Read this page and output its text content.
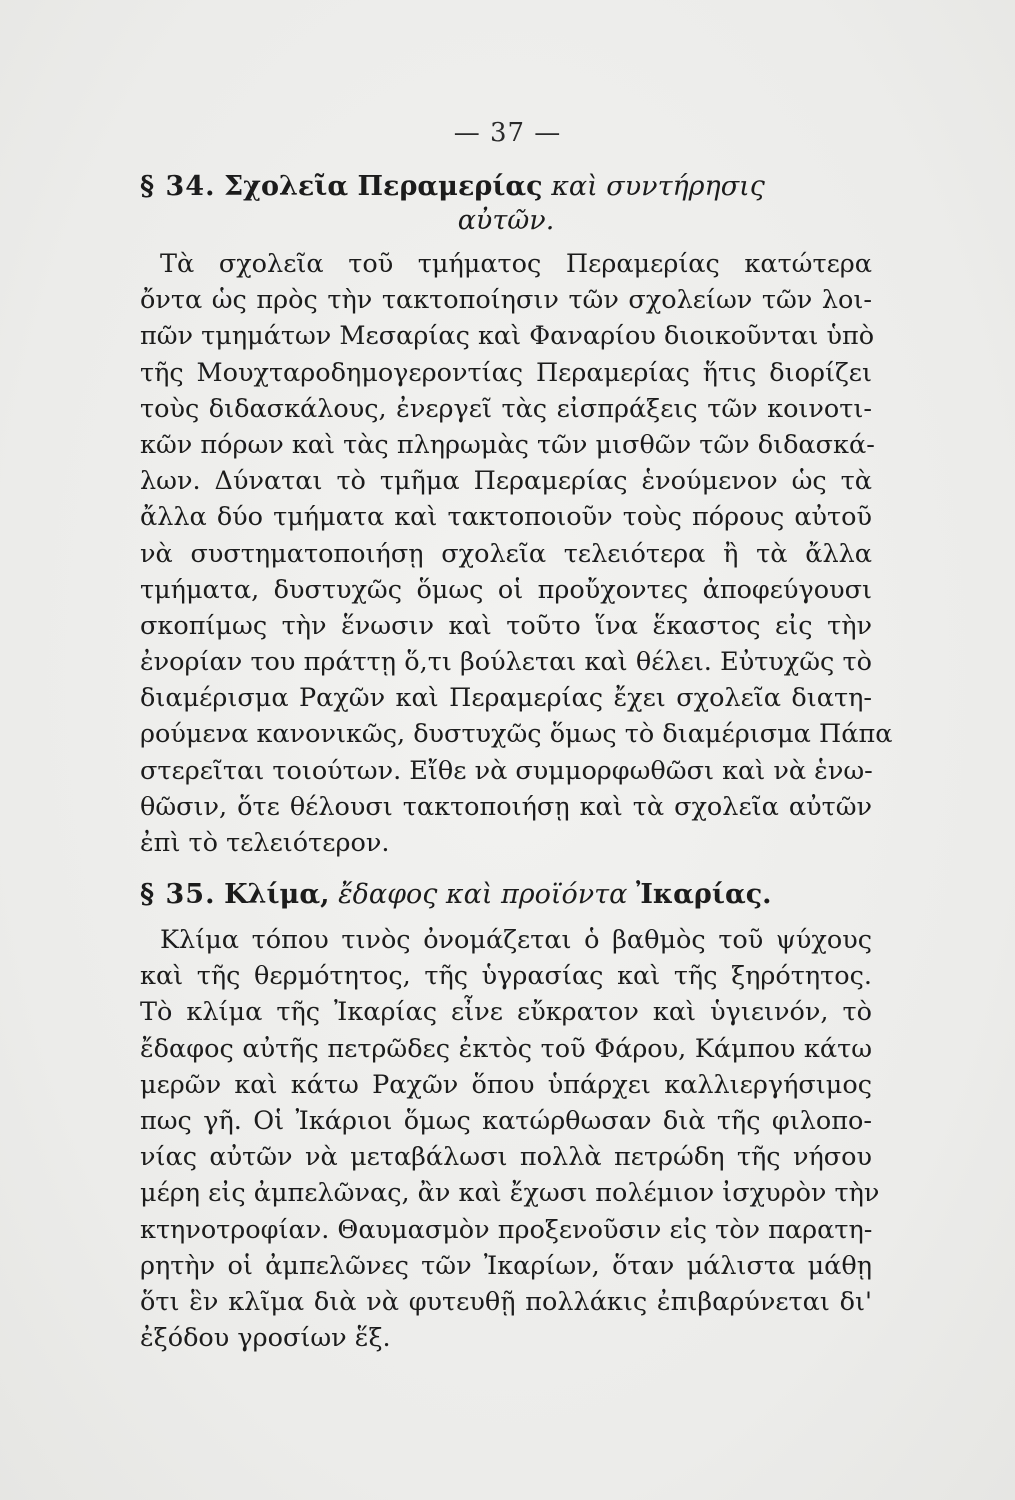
— 37 —
§ 34. Σχολεῖα Περαμερίας καὶ συντήρησις
αὐτῶν.
Τὰ σχολεῖα τοῦ τμήματος Περαμερίας κατώτερα
ὄντα ὡς πρὸς τὴν τακτοποίησιν τῶν σχολείων τῶν λοι-
πῶν τμημάτων Μεσαρίας καὶ Φαναρίου διοικοῦνται ὑπὸ
τῆς Μουχταροδημογεροντίας Περαμερίας ἥτις διορίζει
τοὺς διδασκάλους, ἐνεργεῖ τὰς εἰσπράξεις τῶν κοινοτι-
κῶν πόρων καὶ τὰς πληρωμὰς τῶν μισθῶν τῶν διδασκά-
λων. Δύναται τὸ τμῆμα Περαμερίας ἑνούμενον ὡς τὰ
ἄλλα δύο τμήματα καὶ τακτοποιοῦν τοὺς πόρους αὐτοῦ
νὰ συστηματοποιήσῃ σχολεῖα τελειότερα ἢ τὰ ἄλλα
τμήματα, δυστυχῶς ὅμως οἱ προὔχοντες ἀποφεύγουσι
σκοπίμως τὴν ἕνωσιν καὶ τοῦτο ἵνα ἕκαστος εἰς τὴν
ἐνορίαν του πράττῃ ὅ,τι βούλεται καὶ θέλει. Εὐτυχῶς τὸ
διαμέρισμα Ραχῶν καὶ Περαμερίας ἔχει σχολεῖα διατη-
ρούμενα κανονικῶς, δυστυχῶς ὅμως τὸ διαμέρισμα Πάπα
στερεῖται τοιούτων. Εἴθε νὰ συμμορφωθῶσι καὶ νὰ ἑνω-
θῶσιν, ὅτε θέλουσι τακτοποιήσῃ καὶ τὰ σχολεῖα αὐτῶν
ἐπὶ τὸ τελειότερον.
§ 35. Κλίμα, ἔδαφος καὶ προϊόντα Ἰκαρίας.
Κλίμα τόπου τινὸς ὀνομάζεται ὁ βαθμὸς τοῦ ψύχους
καὶ τῆς θερμότητος, τῆς ὑγρασίας καὶ τῆς ξηρότητος.
Τὸ κλίμα τῆς Ἰκαρίας εἶνε εὔκρατον καὶ ὑγιεινόν, τὸ
ἔδαφος αὐτῆς πετρῶδες ἐκτὸς τοῦ Φάρου, Κάμπου κάτω
μερῶν καὶ κάτω Ραχῶν ὅπου ὑπάρχει καλλιεργήσιμος
πως γῆ. Οἱ Ἰκάριοι ὅμως κατώρθωσαν διὰ τῆς φιλοπο-
νίας αὐτῶν νὰ μεταβάλωσι πολλὰ πετρώδη τῆς νήσου
μέρη εἰς ἀμπελῶνας, ἂν καὶ ἔχωσι πολέμιον ἰσχυρὸν τὴν
κτηνοτροφίαν. Θαυμασμὸν προξενοῦσιν εἰς τὸν παρατη-
ρητὴν οἱ ἀμπελῶνες τῶν Ἰκαρίων, ὅταν μάλιστα μάθῃ
ὅτι ἓν κλῖμα διὰ νὰ φυτευθῇ πολλάκις ἐπιβαρύνεται δι'
ἐξόδου γροσίων ἕξ.
